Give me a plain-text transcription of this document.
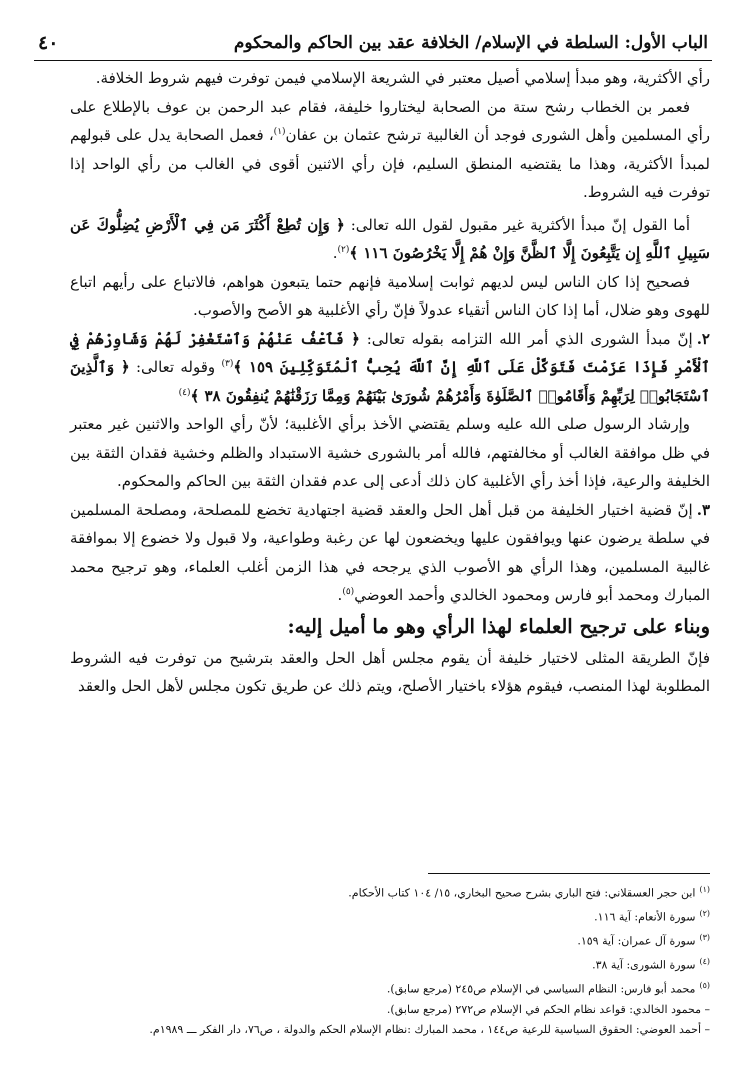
٤٠	الباب الأول: السلطة في الإسلام/ الخلافة عقد بين الحاكم والمحكوم

رأي الأكثرية، وهو مبدأ إسلامي أصيل معتبر في الشريعة الإسلامي فيمن توفرت فيهم شروط الخلافة.

فعمر بن الخطاب رشح ستة من الصحابة ليختاروا خليفة، فقام عبد الرحمن بن عوف بالإطلاع على رأي المسلمين وأهل الشورى فوجد أن الغالبية ترشح عثمان بن عفان$^{(١)}$، فعمل الصحابة يدل على قبولهم لمبدأ الأكثرية، وهذا ما يقتضيه المنطق السليم، فإن رأي الاثنين أقوى في الغالب من رأي الواحد إذا توفرت فيه الشروط.

أما القول إنّ مبدأ الأكثرية غير مقبول لقول الله تعالى: ﴿ وَإِن تُطِعْ أَكْثَرَ مَن فِي ٱلْأَرْضِ يُضِلُّوكَ عَن سَبِيلِ ٱللَّهِ إِن يَتَّبِعُونَ إِلَّا ٱلظَّنَّ وَإِنْ هُمْ إِلَّا يَخْرُصُونَ ١١٦ ﴾$^{(٢)}$.

فصحيح إذا كان الناس ليس لديهم ثوابت إسلامية فإنهم حتما يتبعون هواهم، فالاتباع على رأيهم اتباع للهوى وهو ضلال، أما إذا كان الناس أتقياء عدولاً فإنّ رأي الأغلبية هو الأصح والأصوب.

٢.إنّ مبدأ الشورى الذي أمر الله التزامه بقوله تعالى: ﴿ فَٱعْفُ عَنْهُمْ وَٱسْتَغْفِرْ لَهُمْ وَشَاوِرْهُمْ فِي ٱلْأَمْرِ فَإِذَا عَزَمْتَ فَتَوَكَّلْ عَلَى ٱللَّهِ إِنَّ ٱللَّهَ يُحِبُّ ٱلْمُتَوَكِّلِينَ ١٥٩ ﴾$^{(٣)}$ وقوله تعالى: ﴿ وَٱلَّذِينَ ٱسْتَجَابُوا۟ لِرَبِّهِمْ وَأَقَامُوا۟ ٱلصَّلَوٰةَ وَأَمْرُهُمْ شُورَىٰ بَيْنَهُمْ وَمِمَّا رَزَقْنَٰهُمْ يُنفِقُونَ ٣٨ ﴾$^{(٤)}$

وإرشاد الرسول صلى الله عليه وسلم يقتضي الأخذ برأي الأغلبية؛ لأنّ رأي الواحد والاثنين غير معتبر في ظل موافقة الغالب أو مخالفتهم، فالله أمر بالشورى خشية الاستبداد والظلم وخشية فقدان الثقة بين الخليفة والرعية، فإذا أخذ رأي الأغلبية كان ذلك أدعى إلى عدم فقدان الثقة بين الحاكم والمحكوم.

٣.إنّ قضية اختيار الخليفة من قبل أهل الحل والعقد قضية اجتهادية تخضع للمصلحة، ومصلحة المسلمين في سلطة يرضون عنها ويوافقون عليها ويخضعون لها عن رغبة وطواعية، ولا قبول ولا خضوع إلا بموافقة غالبية المسلمين، وهذا الرأي هو الأصوب الذي يرجحه في هذا الزمن أغلب العلماء، وهو ترجيح محمد المبارك ومحمد أبو فارس ومحمود الخالدي وأحمد العوضي$^{(٥)}$.

وبناء على ترجيح العلماء لهذا الرأي وهو ما أميل إليه:

فإنّ الطريقة المثلى لاختيار خليفة أن يقوم مجلس أهل الحل والعقد بترشيح من توفرت فيه الشروط المطلوبة لهذا المنصب، فيقوم هؤلاء باختيار الأصلح، ويتم ذلك عن طريق تكون مجلس لأهل الحل والعقد

$^{(١)}$ابن حجر العسقلاني: فتح الباري بشرح صحيح البخاري، ١٥/ ١٠٤ كتاب الأحكام.
$^{(٢)}$سورة الأنعام: آية ١١٦.
$^{(٣)}$سورة آل عمران: آية ١٥٩.
$^{(٤)}$سورة الشورى: آية ٣٨.
$^{(٥)}$محمد أبو فارس: النظام السياسي في الإسلام ص٢٤٥ (مرجع سابق).
– محمود الخالدي: قواعد نظام الحكم في الإسلام ص٢٧٢ (مرجع سابق).
– أحمد العوضي: الحقوق السياسية للرعية ص١٤٤ ، محمد المبارك :نظام الإسلام الحكم والدولة ، ص٧٦، دار الفكر ـــ ١٩٨٩م.
